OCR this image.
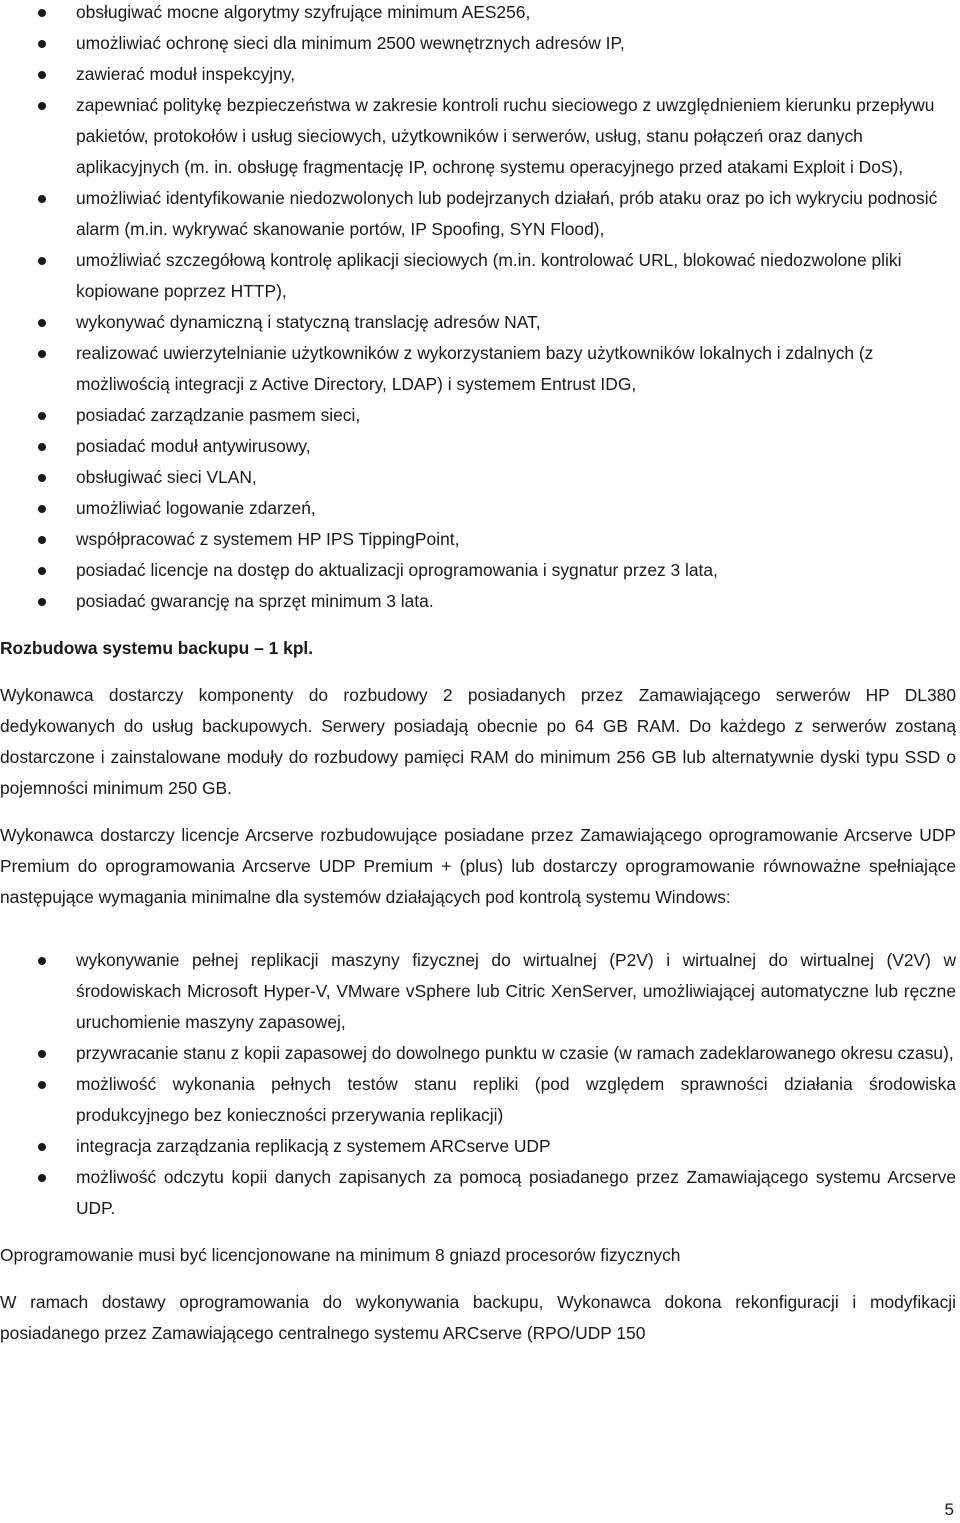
obsługiwać mocne algorytmy szyfrujące minimum AES256,
umożliwiać ochronę sieci dla minimum 2500 wewnętrznych adresów IP,
zawierać moduł inspekcyjny,
zapewniać politykę bezpieczeństwa w zakresie kontroli ruchu sieciowego z uwzględnieniem kierunku przepływu pakietów, protokołów i usług sieciowych, użytkowników i serwerów, usług, stanu połączeń oraz danych aplikacyjnych (m. in. obsługę fragmentację IP, ochronę systemu operacyjnego przed atakami Exploit i DoS),
umożliwiać identyfikowanie niedozwolonych lub podejrzanych działań, prób ataku oraz po ich wykryciu podnosić alarm (m.in. wykrywać skanowanie portów, IP Spoofing, SYN Flood),
umożliwiać szczegółową kontrolę aplikacji sieciowych (m.in. kontrolować URL, blokować niedozwolone pliki kopiowane poprzez HTTP),
wykonywać dynamiczną i statyczną translację adresów NAT,
realizować uwierzytelnianie użytkowników z wykorzystaniem bazy użytkowników lokalnych i zdalnych (z możliwością integracji z Active Directory, LDAP) i systemem Entrust IDG,
posiadać zarządzanie pasmem sieci,
posiadać moduł antywirusowy,
obsługiwać sieci VLAN,
umożliwiać logowanie zdarzeń,
współpracować z systemem HP IPS TippingPoint,
posiadać licencje na dostęp do aktualizacji oprogramowania i sygnatur przez 3 lata,
posiadać gwarancję na sprzęt minimum 3 lata.

Rozbudowa systemu backupu – 1 kpl.

Wykonawca dostarczy komponenty do rozbudowy 2 posiadanych przez Zamawiającego serwerów HP DL380 dedykowanych do usług backupowych. Serwery posiadają obecnie po 64 GB RAM. Do każdego z serwerów zostaną dostarczone i zainstalowane moduły do rozbudowy pamięci RAM do minimum 256 GB lub alternatywnie dyski typu SSD o pojemności minimum 250 GB.

Wykonawca dostarczy licencje Arcserve rozbudowujące posiadane przez Zamawiającego oprogramowanie Arcserve UDP Premium do oprogramowania Arcserve UDP Premium + (plus) lub dostarczy oprogramowanie równoważne spełniające następujące wymagania minimalne dla systemów działających pod kontrolą systemu Windows:

wykonywanie pełnej replikacji maszyny fizycznej do wirtualnej (P2V) i wirtualnej do wirtualnej (V2V) w środowiskach Microsoft Hyper-V, VMware vSphere lub Citric XenServer, umożliwiającej automatyczne lub ręczne uruchomienie maszyny zapasowej,
przywracanie stanu z kopii zapasowej do dowolnego punktu w czasie (w ramach zadeklarowanego okresu czasu),
możliwość wykonania pełnych testów stanu repliki (pod względem sprawności działania środowiska produkcyjnego bez konieczności przerywania replikacji)
integracja zarządzania replikacją z systemem ARCserve UDP
możliwość odczytu kopii danych zapisanych za pomocą posiadanego przez Zamawiającego systemu Arcserve UDP.

Oprogramowanie musi być licencjonowane na minimum 8 gniazd procesorów fizycznych

W ramach dostawy oprogramowania do wykonywania backupu, Wykonawca dokona rekonfiguracji i modyfikacji posiadanego przez Zamawiającego centralnego systemu ARCserve (RPO/UDP 150

5
